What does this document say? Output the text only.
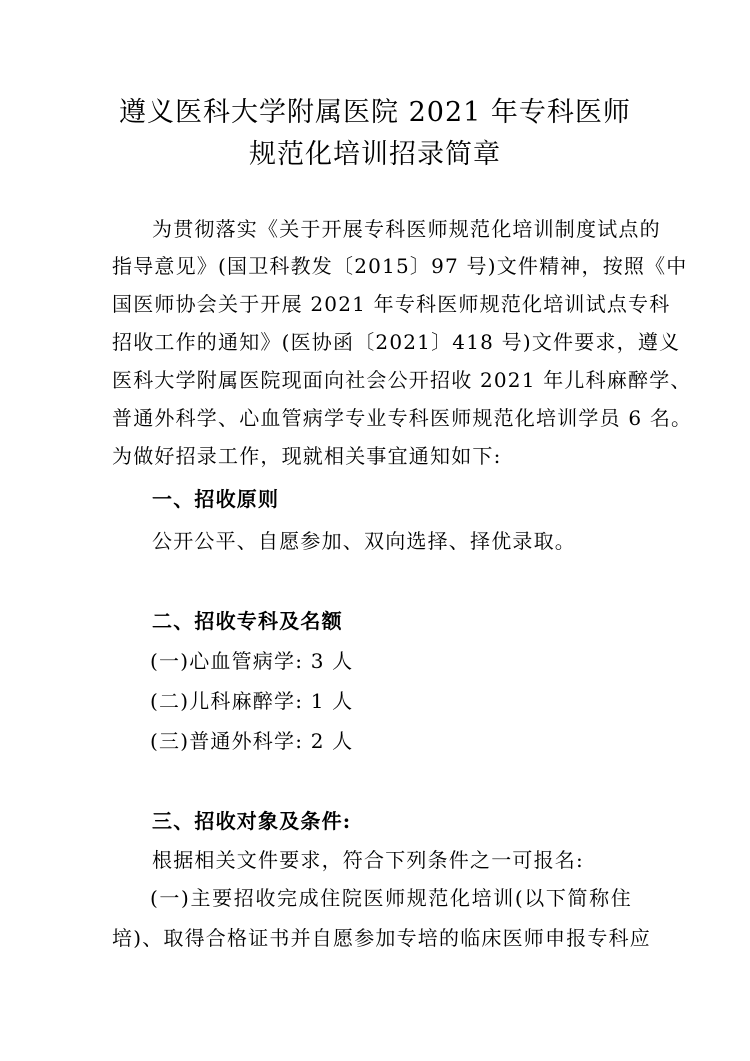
遵义医科大学附属医院 2021 年专科医师
规范化培训招录简章
为贯彻落实《关于开展专科医师规范化培训制度试点的
指导意见》(国卫科教发〔2015〕97 号)文件精神，按照《中
国医师协会关于开展 2021 年专科医师规范化培训试点专科
招收工作的通知》(医协函〔2021〕418 号)文件要求，遵义
医科大学附属医院现面向社会公开招收 2021 年儿科麻醉学、
普通外科学、心血管病学专业专科医师规范化培训学员 6 名。
为做好招录工作，现就相关事宜通知如下:
一、招收原则
公开公平、自愿参加、双向选择、择优录取。
二、招收专科及名额
(一)心血管病学: 3 人
(二)儿科麻醉学: 1 人
(三)普通外科学: 2 人
三、招收对象及条件:
根据相关文件要求，符合下列条件之一可报名:
(一)主要招收完成住院医师规范化培训(以下简称住
培)、取得合格证书并自愿参加专培的临床医师申报专科应
